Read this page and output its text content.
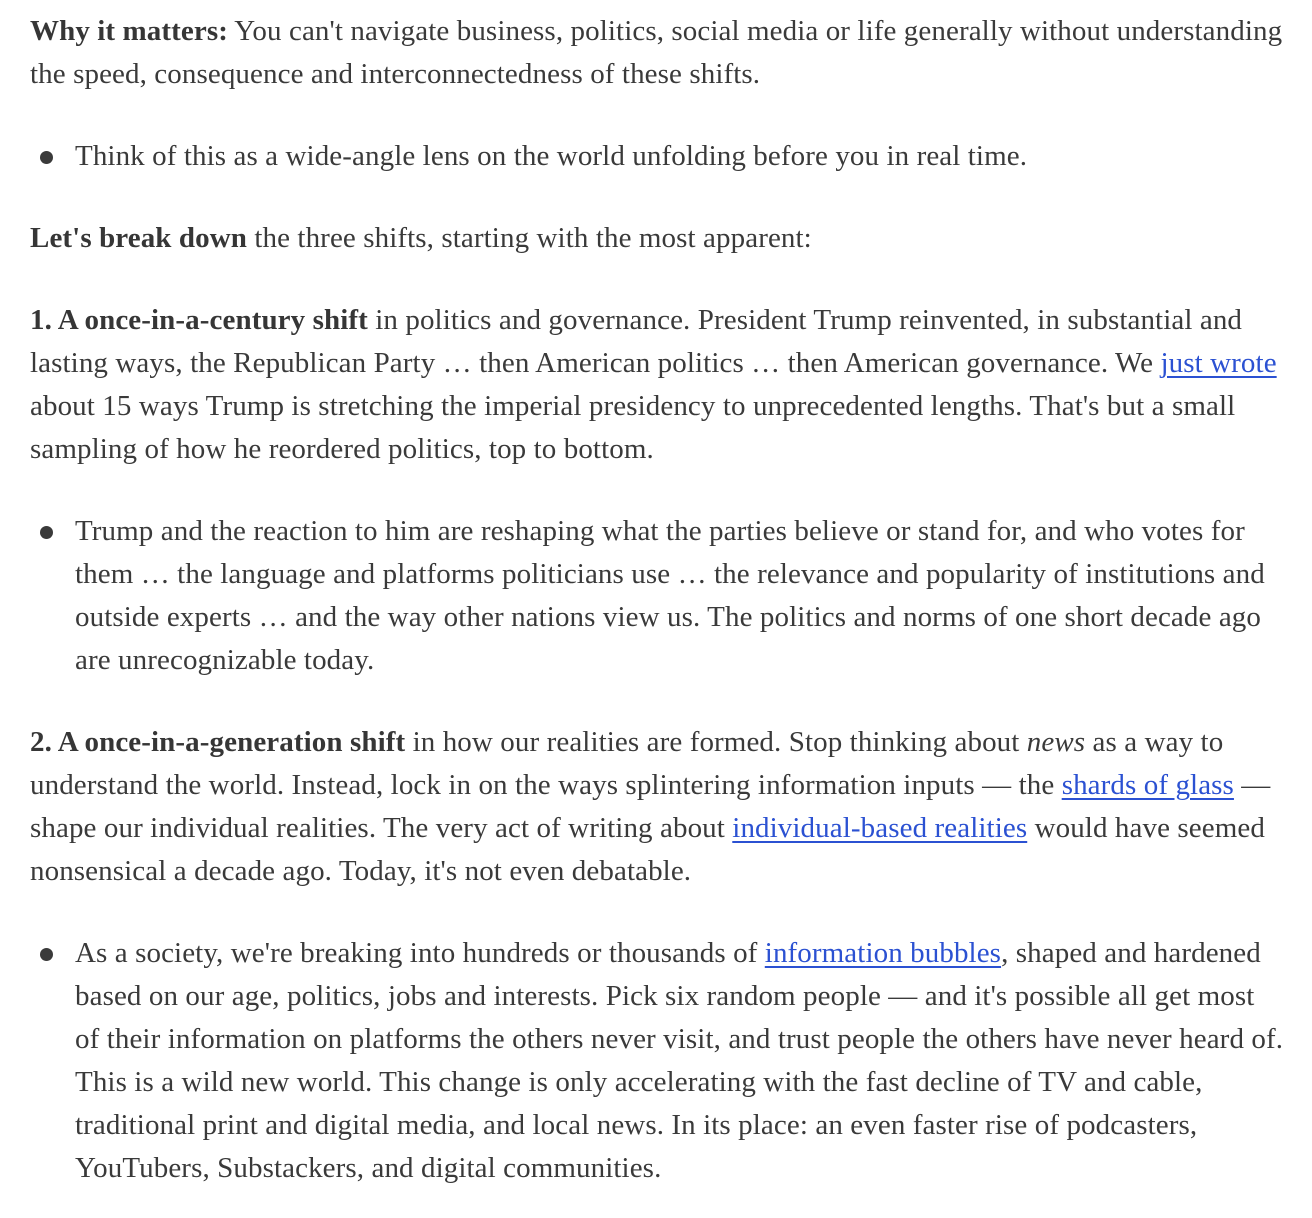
Why it matters: You can't navigate business, politics, social media or life generally without understanding the speed, consequence and interconnectedness of these shifts.

Think of this as a wide-angle lens on the world unfolding before you in real time.

Let's break down the three shifts, starting with the most apparent:

1. A once-in-a-century shift in politics and governance. President Trump reinvented, in substantial and lasting ways, the Republican Party … then American politics … then American governance. We just wrote about 15 ways Trump is stretching the imperial presidency to unprecedented lengths. That's but a small sampling of how he reordered politics, top to bottom.

Trump and the reaction to him are reshaping what the parties believe or stand for, and who votes for them … the language and platforms politicians use … the relevance and popularity of institutions and outside experts … and the way other nations view us. The politics and norms of one short decade ago are unrecognizable today.

2. A once-in-a-generation shift in how our realities are formed. Stop thinking about news as a way to understand the world. Instead, lock in on the ways splintering information inputs — the shards of glass — shape our individual realities. The very act of writing about individual-based realities would have seemed nonsensical a decade ago. Today, it's not even debatable.

As a society, we're breaking into hundreds or thousands of information bubbles, shaped and hardened based on our age, politics, jobs and interests. Pick six random people — and it's possible all get most of their information on platforms the others never visit, and trust people the others have never heard of. This is a wild new world. This change is only accelerating with the fast decline of TV and cable, traditional print and digital media, and local news. In its place: an even faster rise of podcasters, YouTubers, Substackers, and digital communities.
